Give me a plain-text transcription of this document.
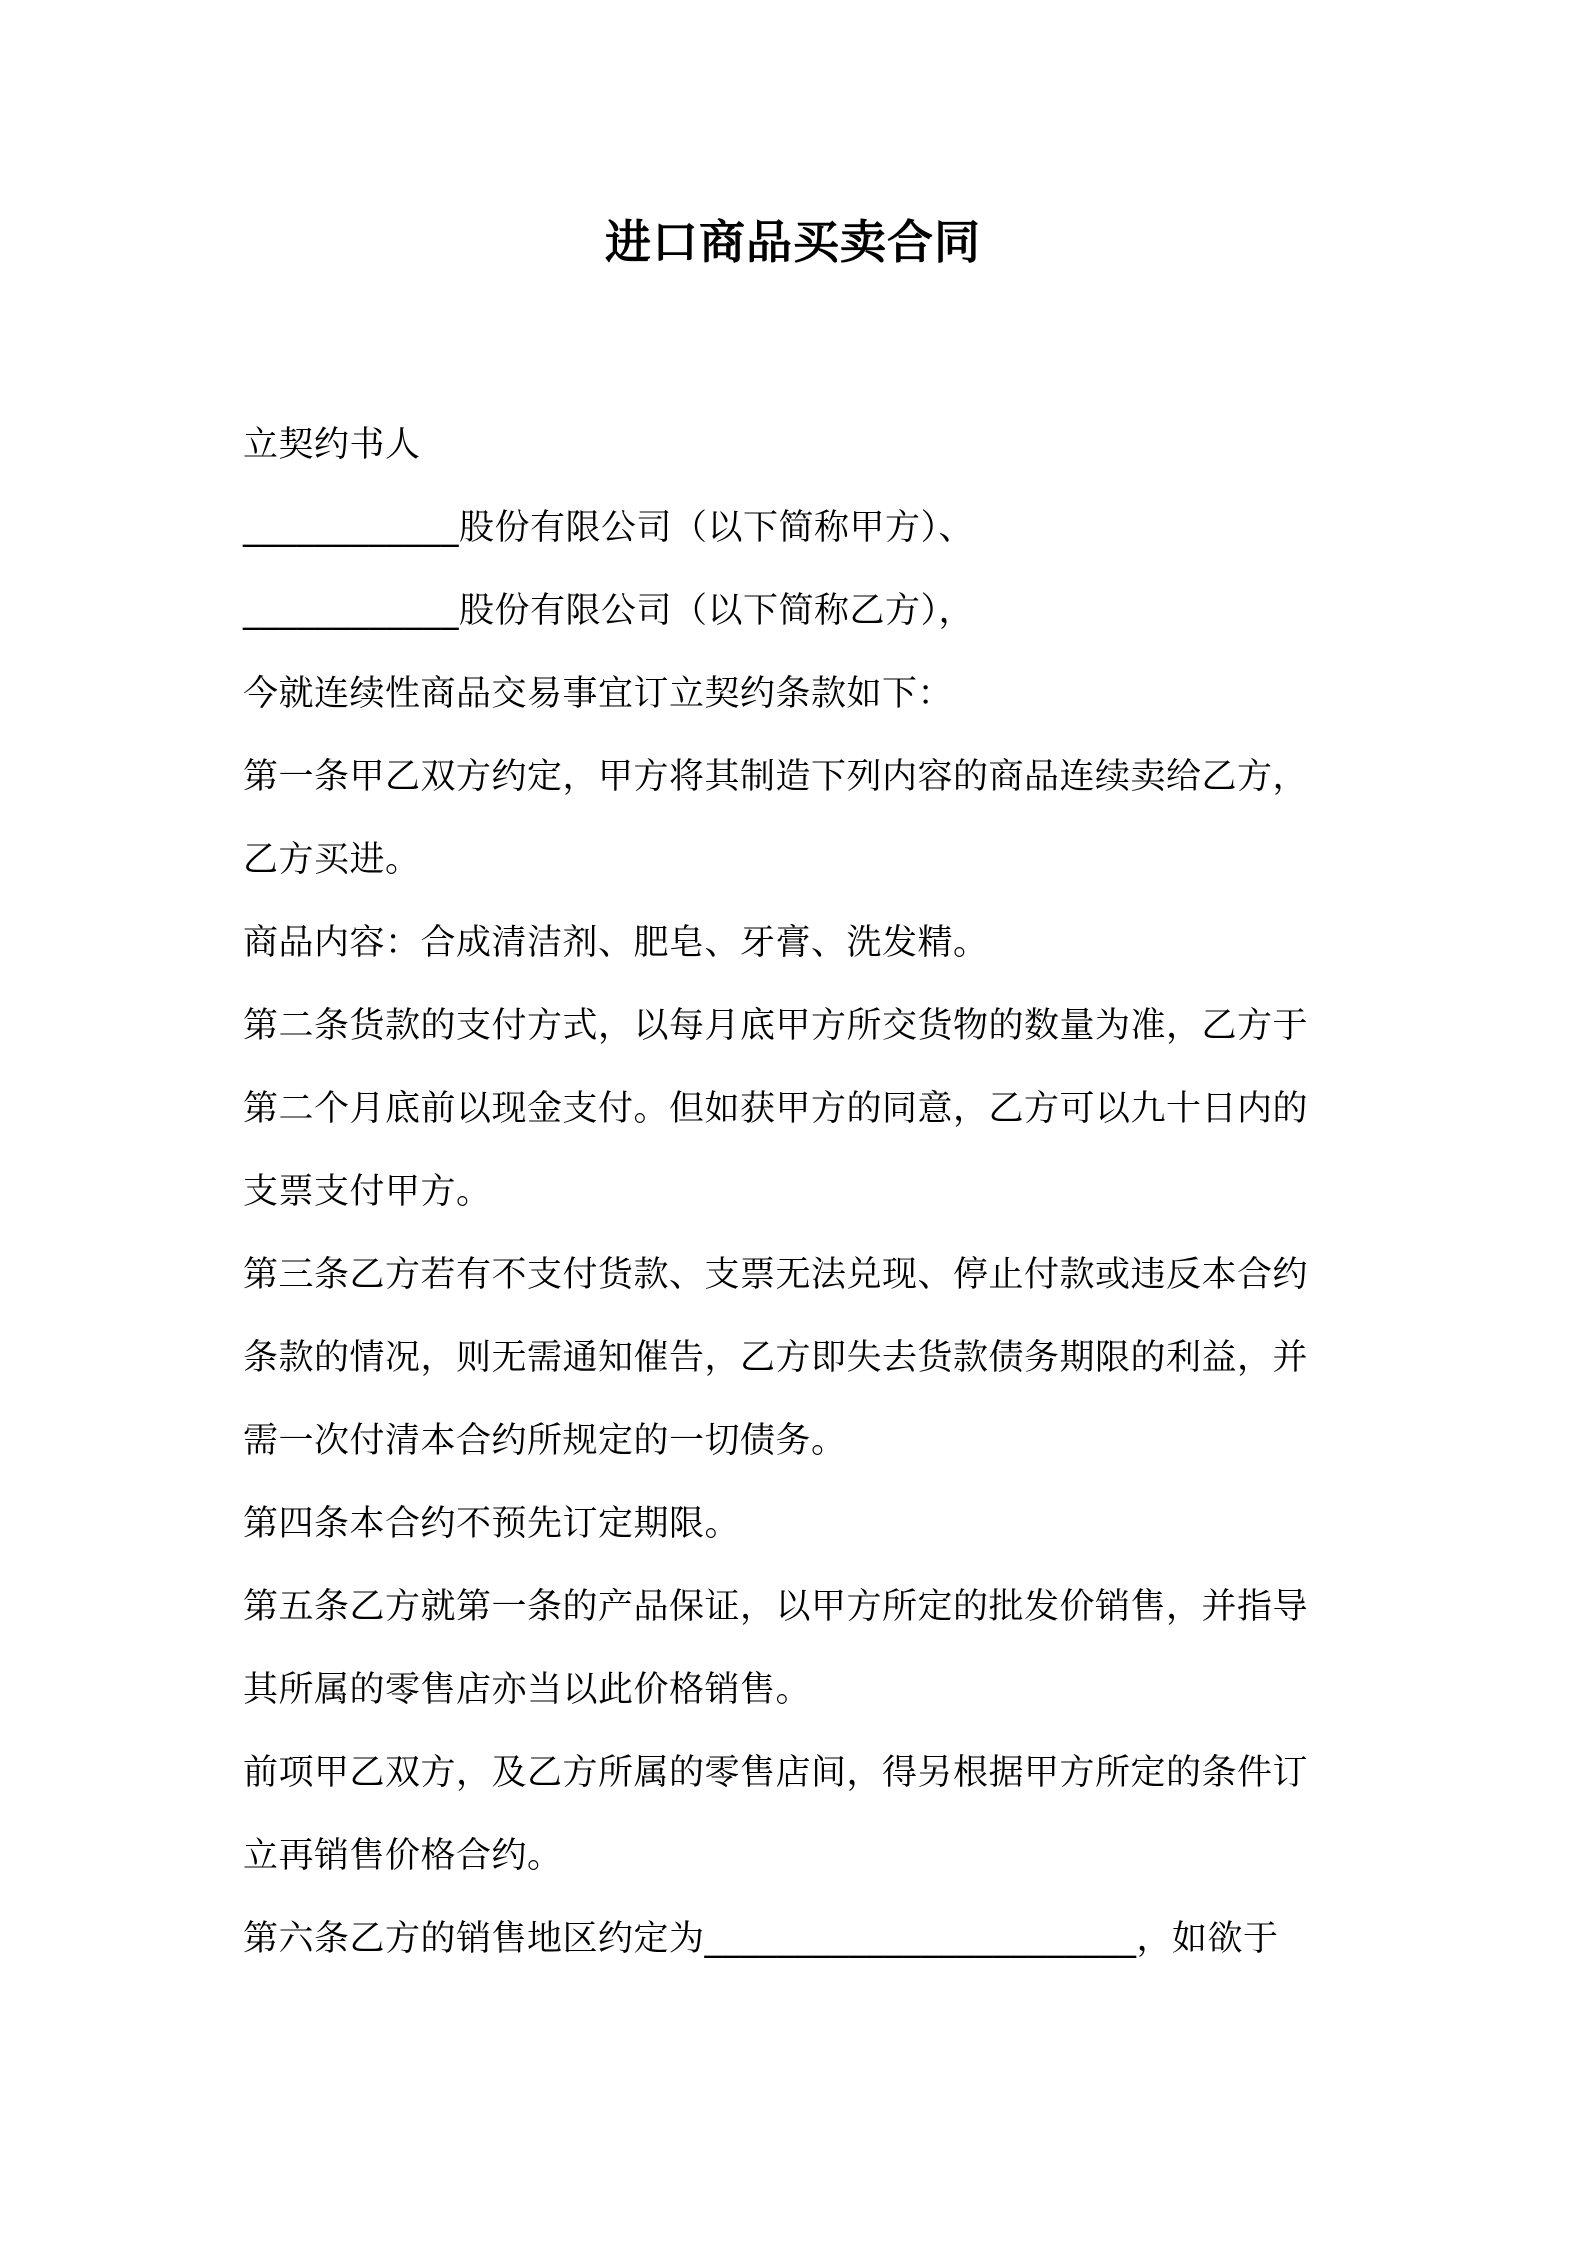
进口商品买卖合同
立契约书人
____________股份有限公司（以下简称甲方）、
____________股份有限公司（以下简称乙方），
今就连续性商品交易事宜订立契约条款如下：
第一条甲乙双方约定，甲方将其制造下列内容的商品连续卖给乙方，
乙方买进。
商品内容：合成清洁剂、肥皂、牙膏、洗发精。
第二条货款的支付方式，以每月底甲方所交货物的数量为准，乙方于
第二个月底前以现金支付。但如获甲方的同意，乙方可以九十日内的
支票支付甲方。
第三条乙方若有不支付货款、支票无法兑现、停止付款或违反本合约
条款的情况，则无需通知催告，乙方即失去货款债务期限的利益，并
需一次付清本合约所规定的一切债务。
第四条本合约不预先订定期限。
第五条乙方就第一条的产品保证，以甲方所定的批发价销售，并指导
其所属的零售店亦当以此价格销售。
前项甲乙双方，及乙方所属的零售店间，得另根据甲方所定的条件订
立再销售价格合约。
第六条乙方的销售地区约定为________________________，如欲于
